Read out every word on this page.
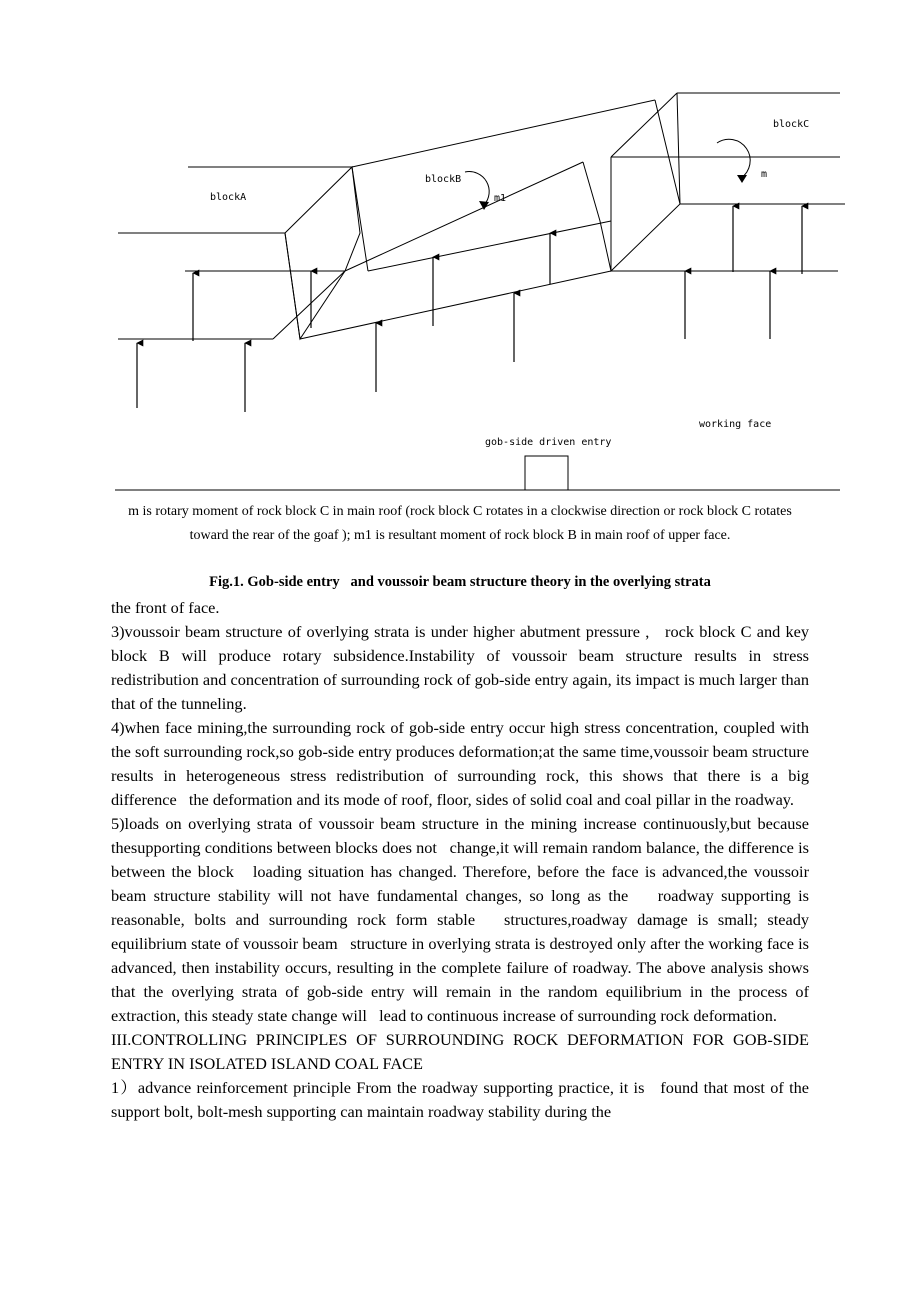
blockA
blockB
blockC
m1
m
working face
gob-side driven entry
m is rotary moment of rock block C in main roof (rock block C rotates in a clockwise direction or rock block C rotates toward the rear of the goaf ); m1 is resultant moment of rock block B in main roof of upper face.
Fig.1. Gob-side entry   and voussoir beam structure theory in the overlying strata

the front of face.

3)voussoir beam structure of overlying strata is under higher abutment pressure ,   rock block C and key block B will produce rotary subsidence.Instability of voussoir beam structure results in stress redistribution and concentration of surrounding rock of gob-side entry again, its impact is much larger than that of the tunneling.

4)when face mining,the surrounding rock of gob-side entry occur high stress concentration, coupled with the soft surrounding rock,so gob-side entry produces deformation;at the same time,voussoir beam structure results in heterogeneous stress redistribution of surrounding rock, this shows that there is a big difference   the deformation and its mode of roof, floor, sides of solid coal and coal pillar in the roadway.

5)loads on overlying strata of voussoir beam structure in the mining increase continuously,but because thesupporting conditions between blocks does not   change,it will remain random balance, the difference is between the block   loading situation has changed. Therefore, before the face is advanced,the voussoir beam structure stability will not have fundamental changes, so long as the    roadway supporting is reasonable, bolts and surrounding rock form stable   structures,roadway damage is small; steady equilibrium state of voussoir beam   structure in overlying strata is destroyed only after the working face is advanced, then instability occurs, resulting in the complete failure of roadway. The above analysis shows that the overlying strata of gob-side entry will remain in the random equilibrium in the process of extraction, this steady state change will   lead to continuous increase of surrounding rock deformation.

III.CONTROLLING PRINCIPLES OF SURROUNDING ROCK DEFORMATION FOR GOB-SIDE ENTRY IN ISOLATED ISLAND COAL FACE

1）advance reinforcement principle From the roadway supporting practice, it is   found that most of the support bolt, bolt-mesh supporting can maintain roadway stability during the
